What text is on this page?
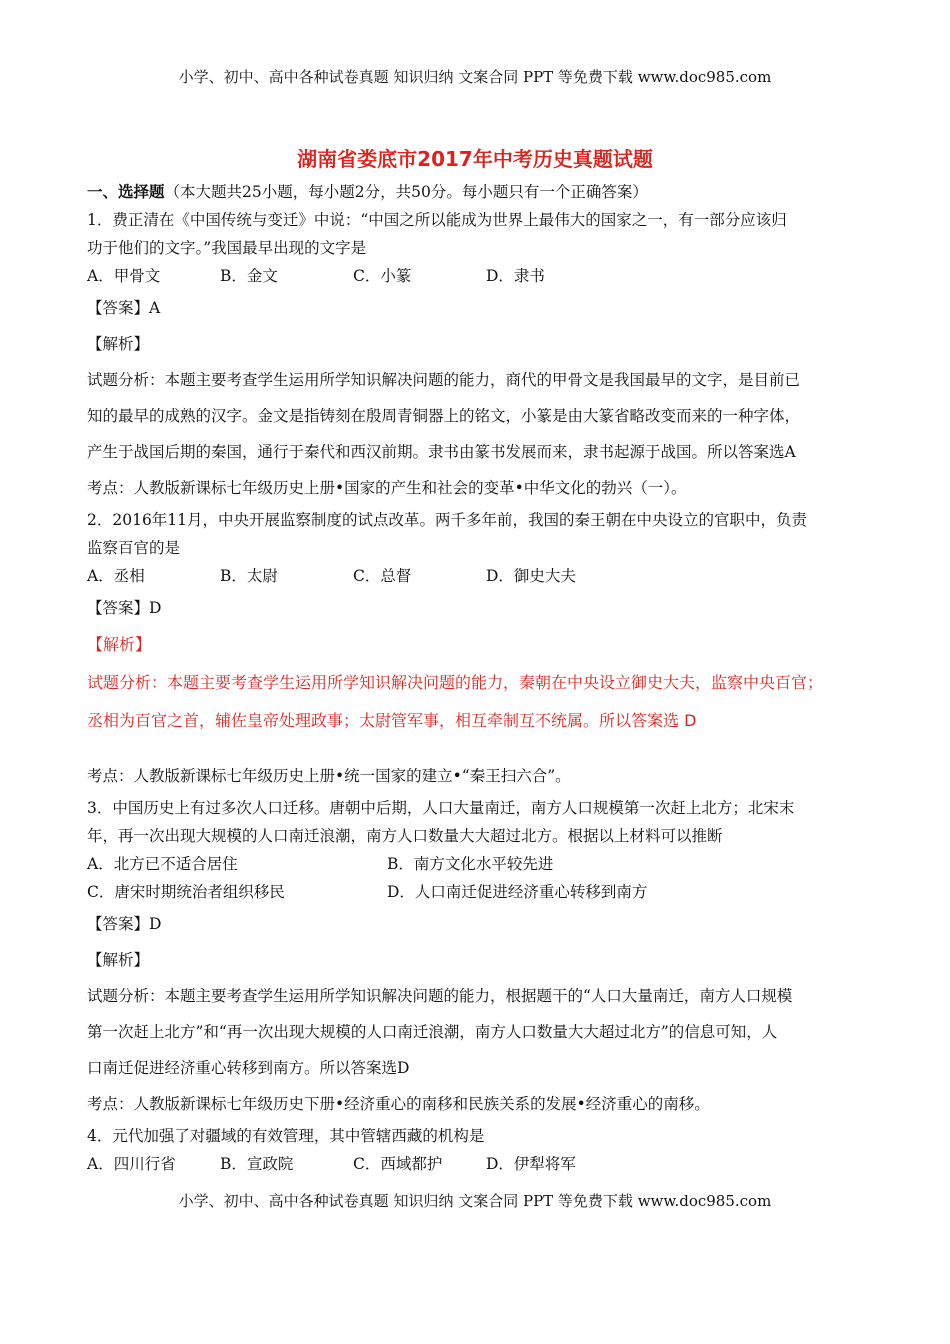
小学、初中、高中各种试卷真题 知识归纳 文案合同 PPT 等免费下载 www.doc985.com
湖南省娄底市2017年中考历史真题试题
一、选择题（本大题共25小题，每小题2分，共50分。每小题只有一个正确答案）
1．费正清在《中国传统与变迁》中说：“中国之所以能成为世界上最伟大的国家之一，有一部分应该归
功于他们的文字。”我国最早出现的文字是
A．甲骨文	B．金文	C．小篆	D．隶书
【答案】A
【解析】
试题分析：本题主要考查学生运用所学知识解决问题的能力，商代的甲骨文是我国最早的文字，是目前已
知的最早的成熟的汉字。金文是指铸刻在殷周青铜器上的铭文，小篆是由大篆省略改变而来的一种字体，
产生于战国后期的秦国，通行于秦代和西汉前期。隶书由篆书发展而来，隶书起源于战国。所以答案选A
考点：人教版新课标七年级历史上册•国家的产生和社会的变革•中华文化的勃兴（一）。
2．2016年11月，中央开展监察制度的试点改革。两千多年前，我国的秦王朝在中央设立的官职中，负责
监察百官的是
A．丞相	B．太尉	C．总督	D．御史大夫
【答案】D
【解析】
试题分析：本题主要考查学生运用所学知识解决问题的能力，秦朝在中央设立御史大夫，监察中央百官；
丞相为百官之首，辅佐皇帝处理政事；太尉管军事，相互牵制互不统属。所以答案选 D
考点：人教版新课标七年级历史上册•统一国家的建立•“秦王扫六合”。
3．中国历史上有过多次人口迁移。唐朝中后期，人口大量南迁，南方人口规模第一次赶上北方；北宋末
年，再一次出现大规模的人口南迁浪潮，南方人口数量大大超过北方。根据以上材料可以推断
A．北方已不适合居住	B．南方文化水平较先进
C．唐宋时期统治者组织移民	D．人口南迁促进经济重心转移到南方
【答案】D
【解析】
试题分析：本题主要考查学生运用所学知识解决问题的能力，根据题干的“人口大量南迁，南方人口规模
第一次赶上北方”和“再一次出现大规模的人口南迁浪潮，南方人口数量大大超过北方”的信息可知，人
口南迁促进经济重心转移到南方。所以答案选D
考点：人教版新课标七年级历史下册•经济重心的南移和民族关系的发展•经济重心的南移。
4．元代加强了对疆域的有效管理，其中管辖西藏的机构是
A．四川行省	B．宣政院	C．西域都护	D．伊犁将军
小学、初中、高中各种试卷真题 知识归纳 文案合同 PPT 等免费下载 www.doc985.com
